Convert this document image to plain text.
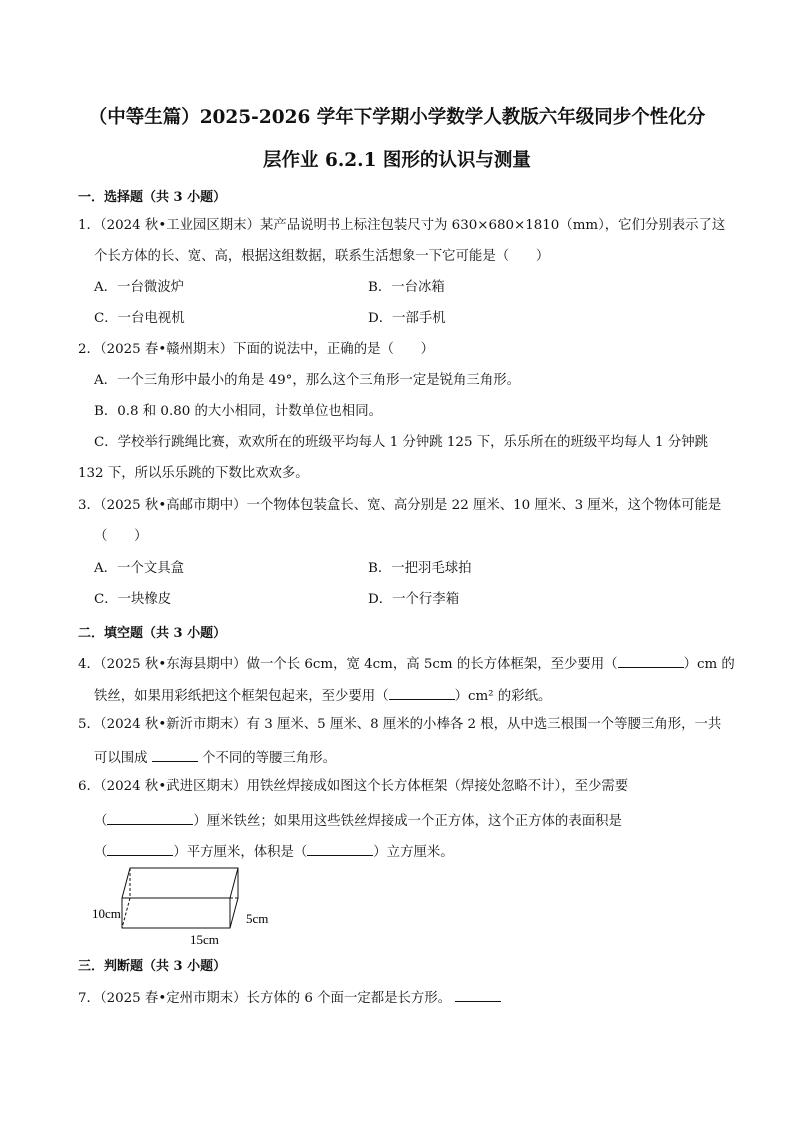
（中等生篇）2025-2026 学年下学期小学数学人教版六年级同步个性化分
层作业 6.2.1 图形的认识与测量
一．选择题（共 3 小题）
1．（2024 秋•工业园区期末）某产品说明书上标注包装尺寸为 630×680×1810（mm），它们分别表示了这
个长方体的长、宽、高，根据这组数据，联系生活想象一下它可能是（　　）
A．一台微波炉	B．一台冰箱
C．一台电视机	D．一部手机
2．（2025 春•赣州期末）下面的说法中，正确的是（　　）
A．一个三角形中最小的角是 49°，那么这个三角形一定是锐角三角形。
B．0.8 和 0.80 的大小相同，计数单位也相同。
C．学校举行跳绳比赛，欢欢所在的班级平均每人 1 分钟跳 125 下，乐乐所在的班级平均每人 1 分钟跳
132 下，所以乐乐跳的下数比欢欢多。
3．（2025 秋•高邮市期中）一个物体包装盒长、宽、高分别是 22 厘米、10 厘米、3 厘米，这个物体可能是
（　　）
A．一个文具盒	B．一把羽毛球拍
C．一块橡皮	D．一个行李箱
二．填空题（共 3 小题）
4．（2025 秋•东海县期中）做一个长 6cm，宽 4cm，高 5cm 的长方体框架，至少要用（	）cm 的
铁丝，如果用彩纸把这个框架包起来，至少要用（	）cm² 的彩纸。
5．（2024 秋•新沂市期末）有 3 厘米、5 厘米、8 厘米的小棒各 2 根，从中选三根围一个等腰三角形，一共
可以围成	个不同的等腰三角形。
6．（2024 秋•武进区期末）用铁丝焊接成如图这个长方体框架（焊接处忽略不计），至少需要
（	）厘米铁丝；如果用这些铁丝焊接成一个正方体，这个正方体的表面积是
（	）平方厘米，体积是（	）立方厘米。
10cm	5cm
15cm
三．判断题（共 3 小题）
7．（2025 春•定州市期末）长方体的 6 个面一定都是长方形。
